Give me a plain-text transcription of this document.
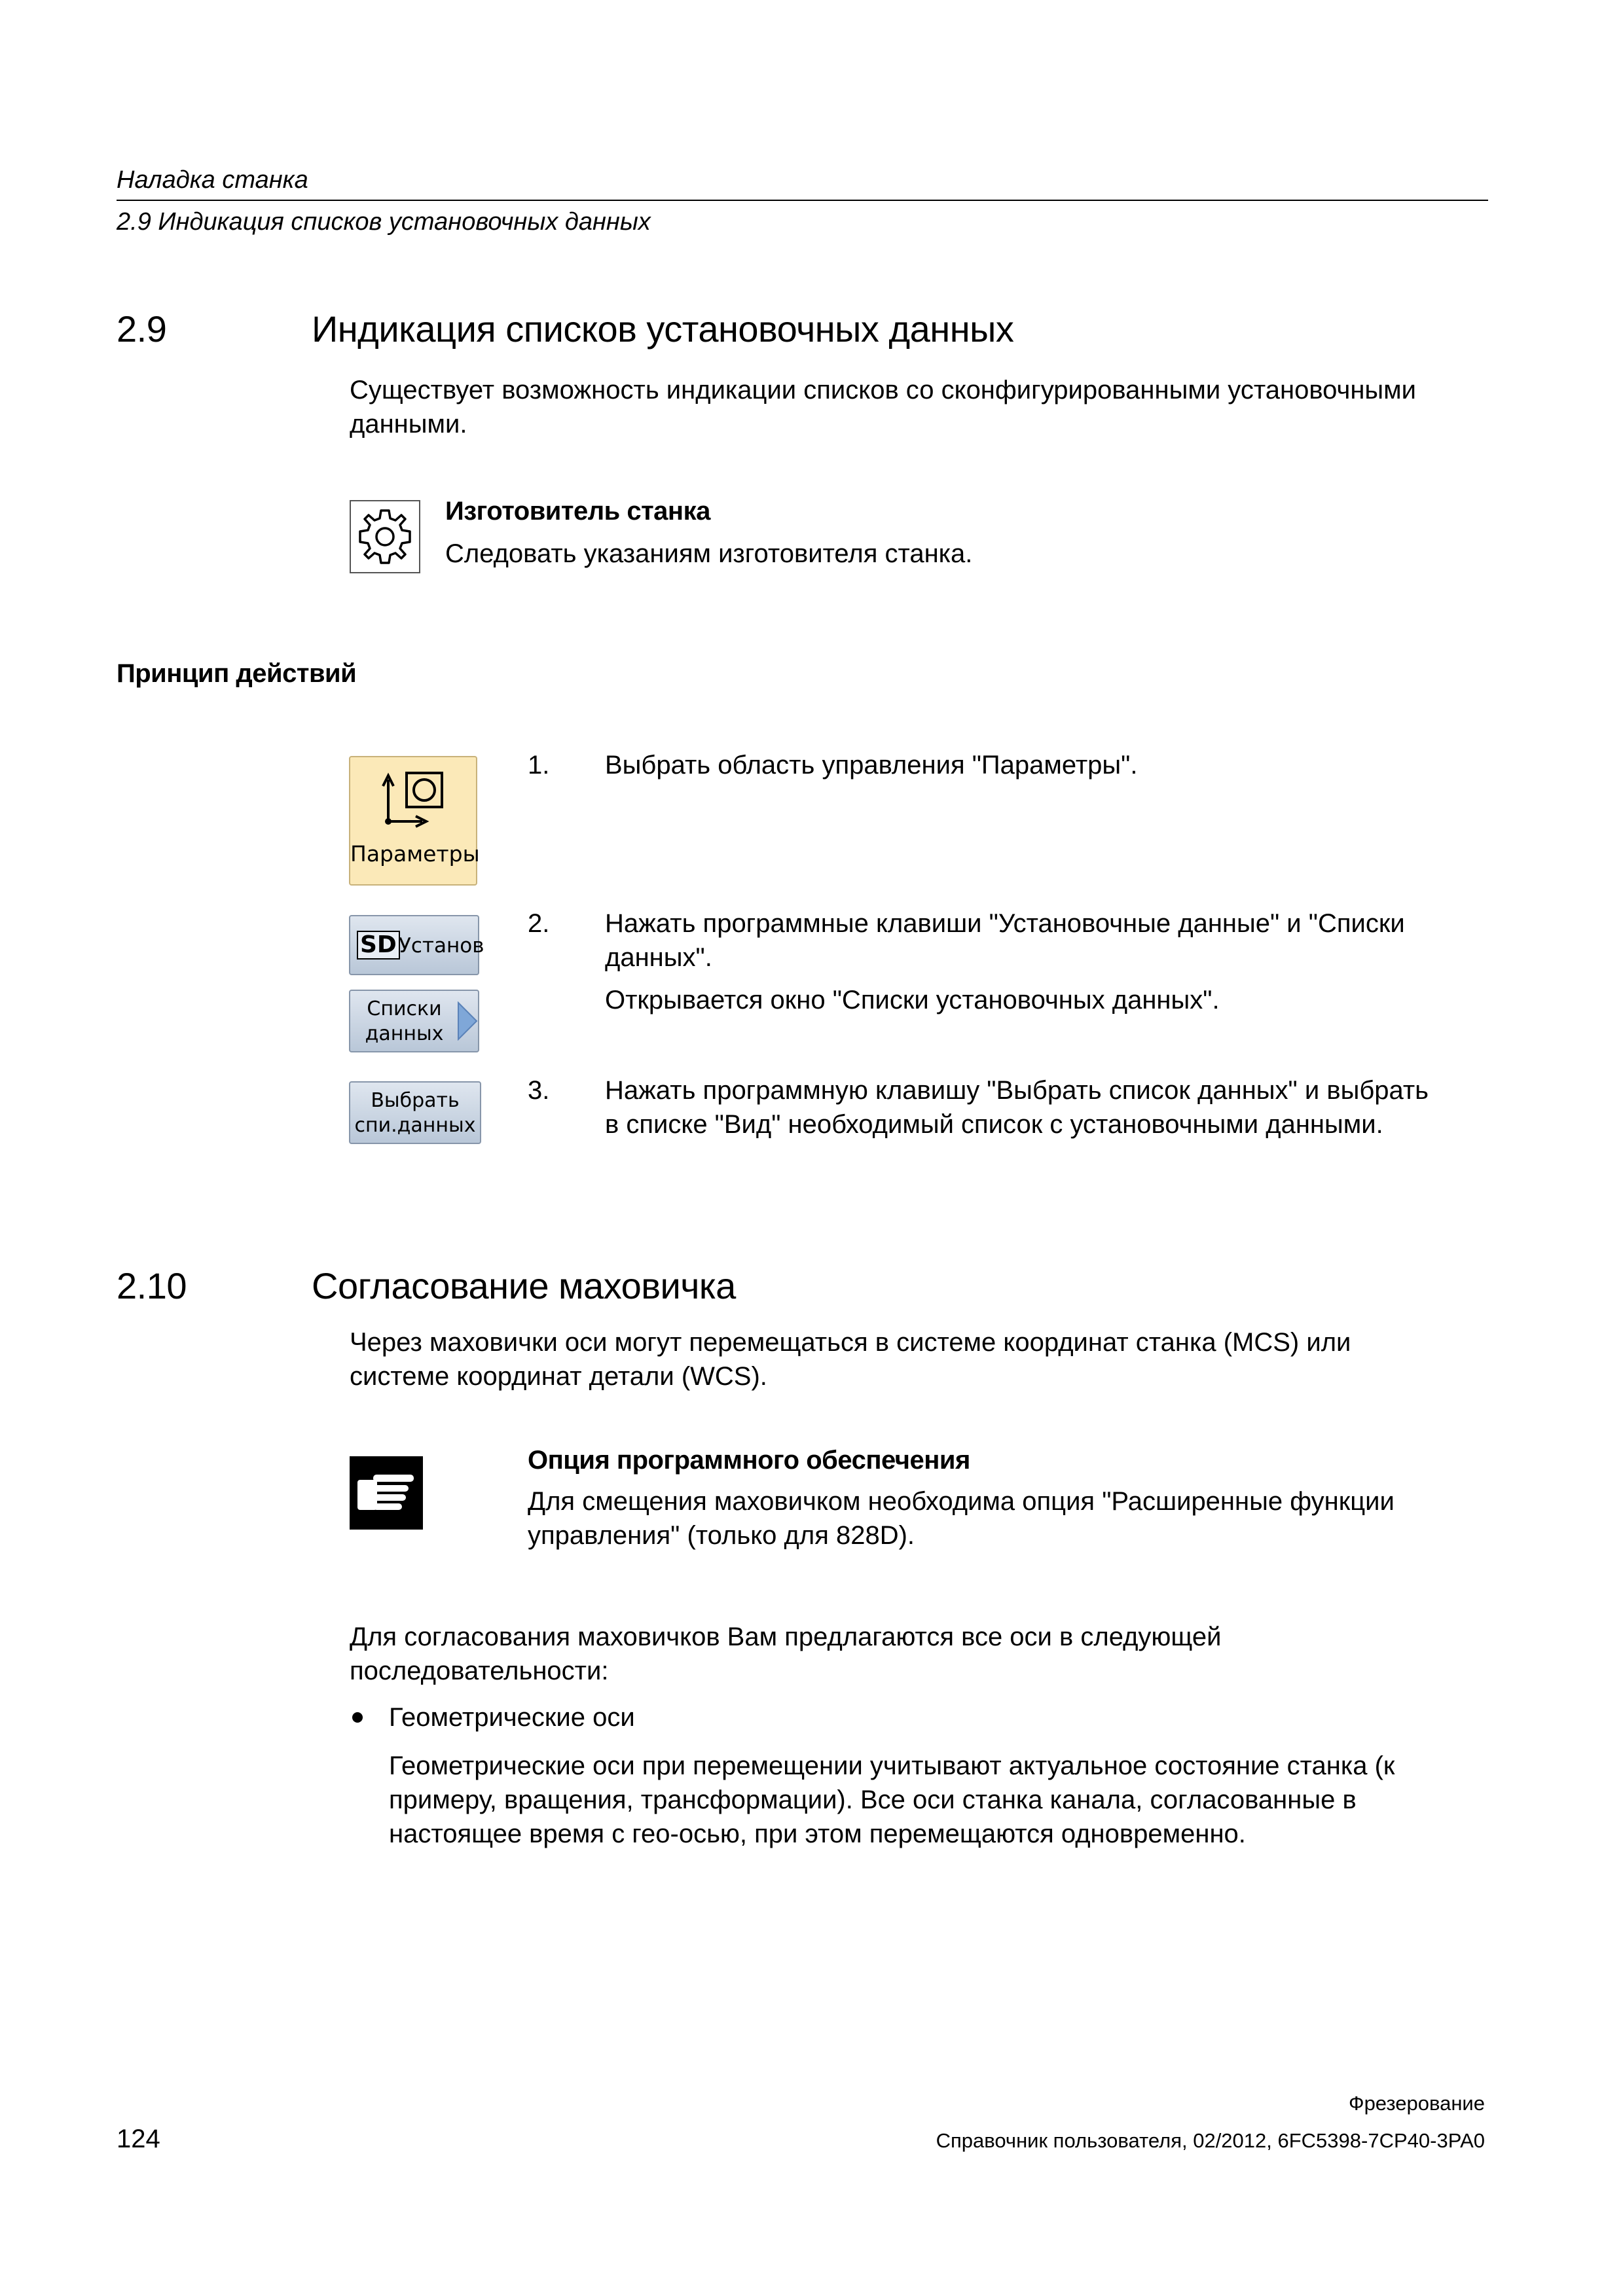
Наладка станка
2.9 Индикация списков установочных данных
2.9	Индикация списков установочных данных
Существует возможность индикации списков со сконфигурированными установочными
данными.
Изготовитель станка
Следовать указаниям изготовителя станка.
Принцип действий
Параметры
1. Выбрать область управления "Параметры".
SD Установ
Списки
данных
2. Нажать программные клавиши "Установочные данные" и "Списки
данных".
Открывается окно "Списки установочных данных".
Выбрать
спи.данных
3. Нажать программную клавишу "Выбрать список данных" и выбрать
в списке "Вид" необходимый список с установочными данными.
2.10	Согласование маховичка
Через маховички оси могут перемещаться в системе координат станка (MCS) или
системе координат детали (WCS).
Опция программного обеспечения
Для смещения маховичком необходима опция "Расширенные функции
управления" (только для 828D).
Для согласования маховичков Вам предлагаются все оси в следующей
последовательности:
Геометрические оси
Геометрические оси при перемещении учитывают актуальное состояние станка (к
примеру, вращения, трансформации). Все оси станка канала, согласованные в
настоящее время с гео-осью, при этом перемещаются одновременно.
Фрезерование
124	Справочник пользователя, 02/2012, 6FC5398-7CP40-3PA0
